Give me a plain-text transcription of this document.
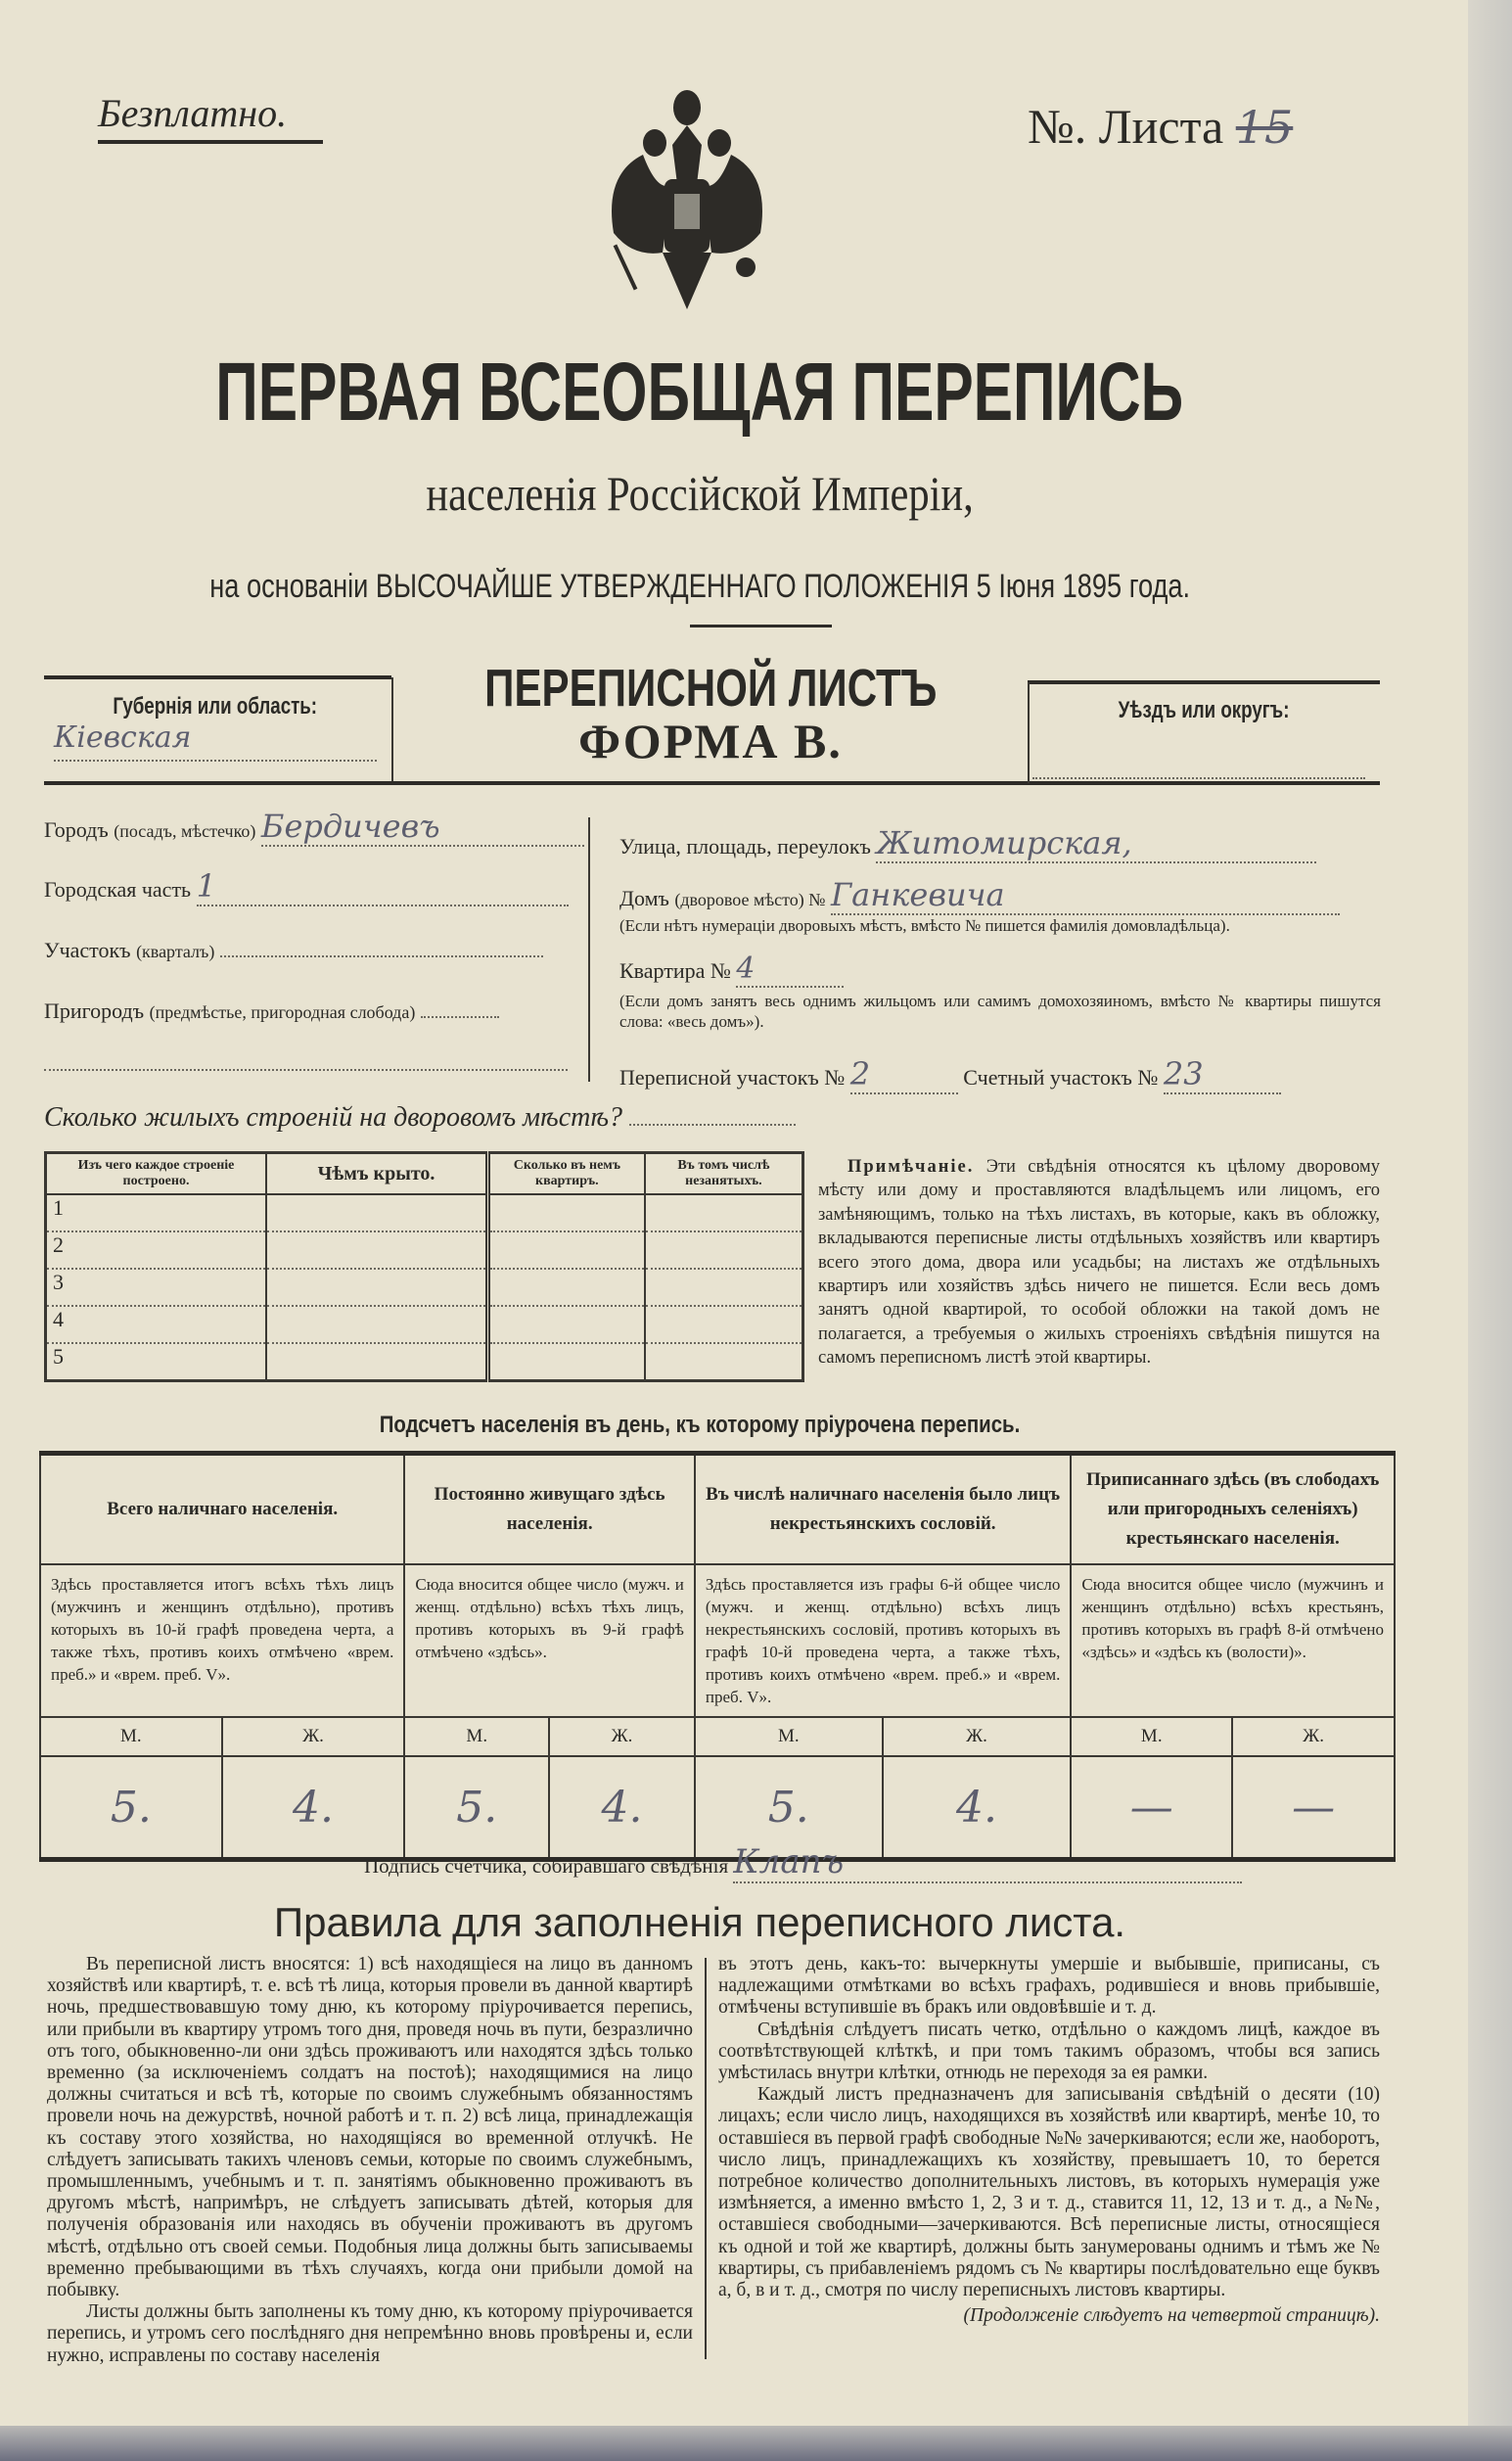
Безплатно.	№. Листа 15
ПЕРВАЯ ВСЕОБЩАЯ ПЕРЕПИСЬ
населенія Россійской Имперіи,
на основаніи ВЫСОЧАЙШЕ УТВЕРЖДЕННАГО ПОЛОЖЕНІЯ 5 Іюня 1895 года.
Губернія или область:
Кіевская
ПЕРЕПИСНОЙ ЛИСТЪ
ФОРМА В.
Уѣздъ или округъ:
Городъ (посадъ, мѣстечко) Бердичевъ
Городская часть 1
Участокъ (кварталъ)
Пригородъ (предмѣстье, пригородная слобода)
Улица, площадь, переулокъ Житомирская,
Домъ (дворовое мѣсто) № Ганкевича
(Если нѣтъ нумераціи дворовыхъ мѣстъ, вмѣсто № пишется фамилія домовладѣльца).
Квартира № 4
(Если домъ занятъ весь однимъ жильцомъ или самимъ домохозяиномъ, вмѣсто № квартиры пишутся слова: «весь домъ»).
Переписной участокъ № 2	Счетный участокъ № 23
Сколько жилыхъ строеній на дворовомъ мѣстѣ?
Изъ чего каждое строеніе построено.	Чѣмъ крыто.	Сколько въ немъ квартиръ.	Въ томъ числѣ незанятыхъ.
1			
2			
3			
4			
5			
Примѣчаніе. Эти свѣдѣнія относятся къ цѣлому дворовому мѣсту или дому и проставляются владѣльцемъ или лицомъ, его замѣняющимъ, только на тѣхъ листахъ, въ которые, какъ въ обложку, вкладываются переписные листы отдѣльныхъ хозяйствъ или квартиръ всего этого дома, двора или усадьбы; на листахъ же отдѣльныхъ квартиръ или хозяйствъ здѣсь ничего не пишется. Если весь домъ занятъ одной квартирой, то особой обложки на такой домъ не полагается, а требуемыя о жилыхъ строеніяхъ свѣдѣнія пишутся на самомъ переписномъ листѣ этой квартиры.
Подсчетъ населенія въ день, къ которому пріурочена перепись.
Всего наличнаго населенія.		Постоянно живущаго здѣсь населенія.		Въ числѣ наличнаго населенія было лицъ некрестьянскихъ сословій.		Приписаннаго здѣсь (въ слободахъ или пригородныхъ селеніяхъ) крестьянскаго населенія.	
Здѣсь проставляется итогъ всѣхъ тѣхъ лицъ (мужчинъ и женщинъ отдѣльно), противъ которыхъ въ 10-й графѣ проведена черта, а также тѣхъ, противъ коихъ отмѣчено «врем. преб.» и «врем. преб. V».		Сюда вносится общее число (мужч. и женщ. отдѣльно) всѣхъ тѣхъ лицъ, противъ которыхъ въ 9-й графѣ отмѣчено «здѣсь».		Здѣсь проставляется изъ графы 6-й общее число (мужч. и женщ. отдѣльно) всѣхъ лицъ некрестьянскихъ сословій, противъ которыхъ въ графѣ 10-й проведена черта, а также тѣхъ, противъ коихъ отмѣчено «врем. преб.» и «врем. преб. V».		Сюда вносится общее число (мужчинъ и женщинъ отдѣльно) всѣхъ крестьянъ, противъ которыхъ въ графѣ 8-й отмѣчено «здѣсь» и «здѣсь къ (волости)».	
М.	Ж.	М.	Ж.	М.	Ж.	М.	Ж.
5.	4.	5.	4.	5.	4.	—	—
Подпись счетчика, собиравшаго свѣдѣнія Клапъ
Правила для заполненія переписного листа.

Въ переписной листъ вносятся: 1) всѣ находящіеся на лицо въ данномъ хозяйствѣ или квартирѣ, т. е. всѣ тѣ лица, которыя провели въ данной квартирѣ ночь, предшествовавшую тому дню, къ которому пріурочивается перепись, или прибыли въ квартиру утромъ того дня, проведя ночь въ пути, безразлично отъ того, обыкновенно-ли они здѣсь проживаютъ или находятся здѣсь только временно (за исключеніемъ солдатъ на постоѣ); находящимися на лицо должны считаться и всѣ тѣ, которые по своимъ служебнымъ обязанностямъ провели ночь на дежурствѣ, ночной работѣ и т. п. 2) всѣ лица, принадлежащія къ составу этого хозяйства, но находящіяся во временной отлучкѣ. Не слѣдуетъ записывать такихъ членовъ семьи, которые по своимъ служебнымъ, промышленнымъ, учебнымъ и т. п. занятіямъ обыкновенно проживаютъ въ другомъ мѣстѣ, напримѣръ, не слѣдуетъ записывать дѣтей, которыя для полученія образованія или находясь въ обученіи проживаютъ въ другомъ мѣстѣ, отдѣльно отъ своей семьи. Подобныя лица должны быть записываемы временно пребывающими въ тѣхъ случаяхъ, когда они прибыли домой на побывку.

Листы должны быть заполнены къ тому дню, къ которому пріурочивается перепись, и утромъ сего послѣдняго дня непремѣнно вновь провѣрены и, если нужно, исправлены по составу населенія

въ этотъ день, какъ-то: вычеркнуты умершіе и выбывшіе, приписаны, съ надлежащими отмѣтками во всѣхъ графахъ, родившіеся и вновь прибывшіе, отмѣчены вступившіе въ бракъ или овдовѣвшіе и т. д.

Свѣдѣнія слѣдуетъ писать четко, отдѣльно о каждомъ лицѣ, каждое въ соотвѣтствующей клѣткѣ, и при томъ такимъ образомъ, чтобы вся запись умѣстилась внутри клѣтки, отнюдь не переходя за ея рамки.

Каждый листъ предназначенъ для записыванія свѣдѣній о десяти (10) лицахъ; если число лицъ, находящихся въ хозяйствѣ или квартирѣ, менѣе 10, то оставшіеся въ первой графѣ свободные №№ зачеркиваются; если же, наоборотъ, число лицъ, принадлежащихъ къ хозяйству, превышаетъ 10, то берется потребное количество дополнительныхъ листовъ, въ которыхъ нумерація уже измѣняется, а именно вмѣсто 1, 2, 3 и т. д., ставится 11, 12, 13 и т. д., а №№, оставшіеся свободными—зачеркиваются. Всѣ переписные листы, относящіеся къ одной и той же квартирѣ, должны быть занумерованы однимъ и тѣмъ же № квартиры, съ прибавленіемъ рядомъ съ № квартиры послѣдовательно еще буквъ а, б, в и т. д., смотря по числу переписныхъ листовъ квартиры.

(Продолженіе слѣдуетъ на четвертой страницѣ).
